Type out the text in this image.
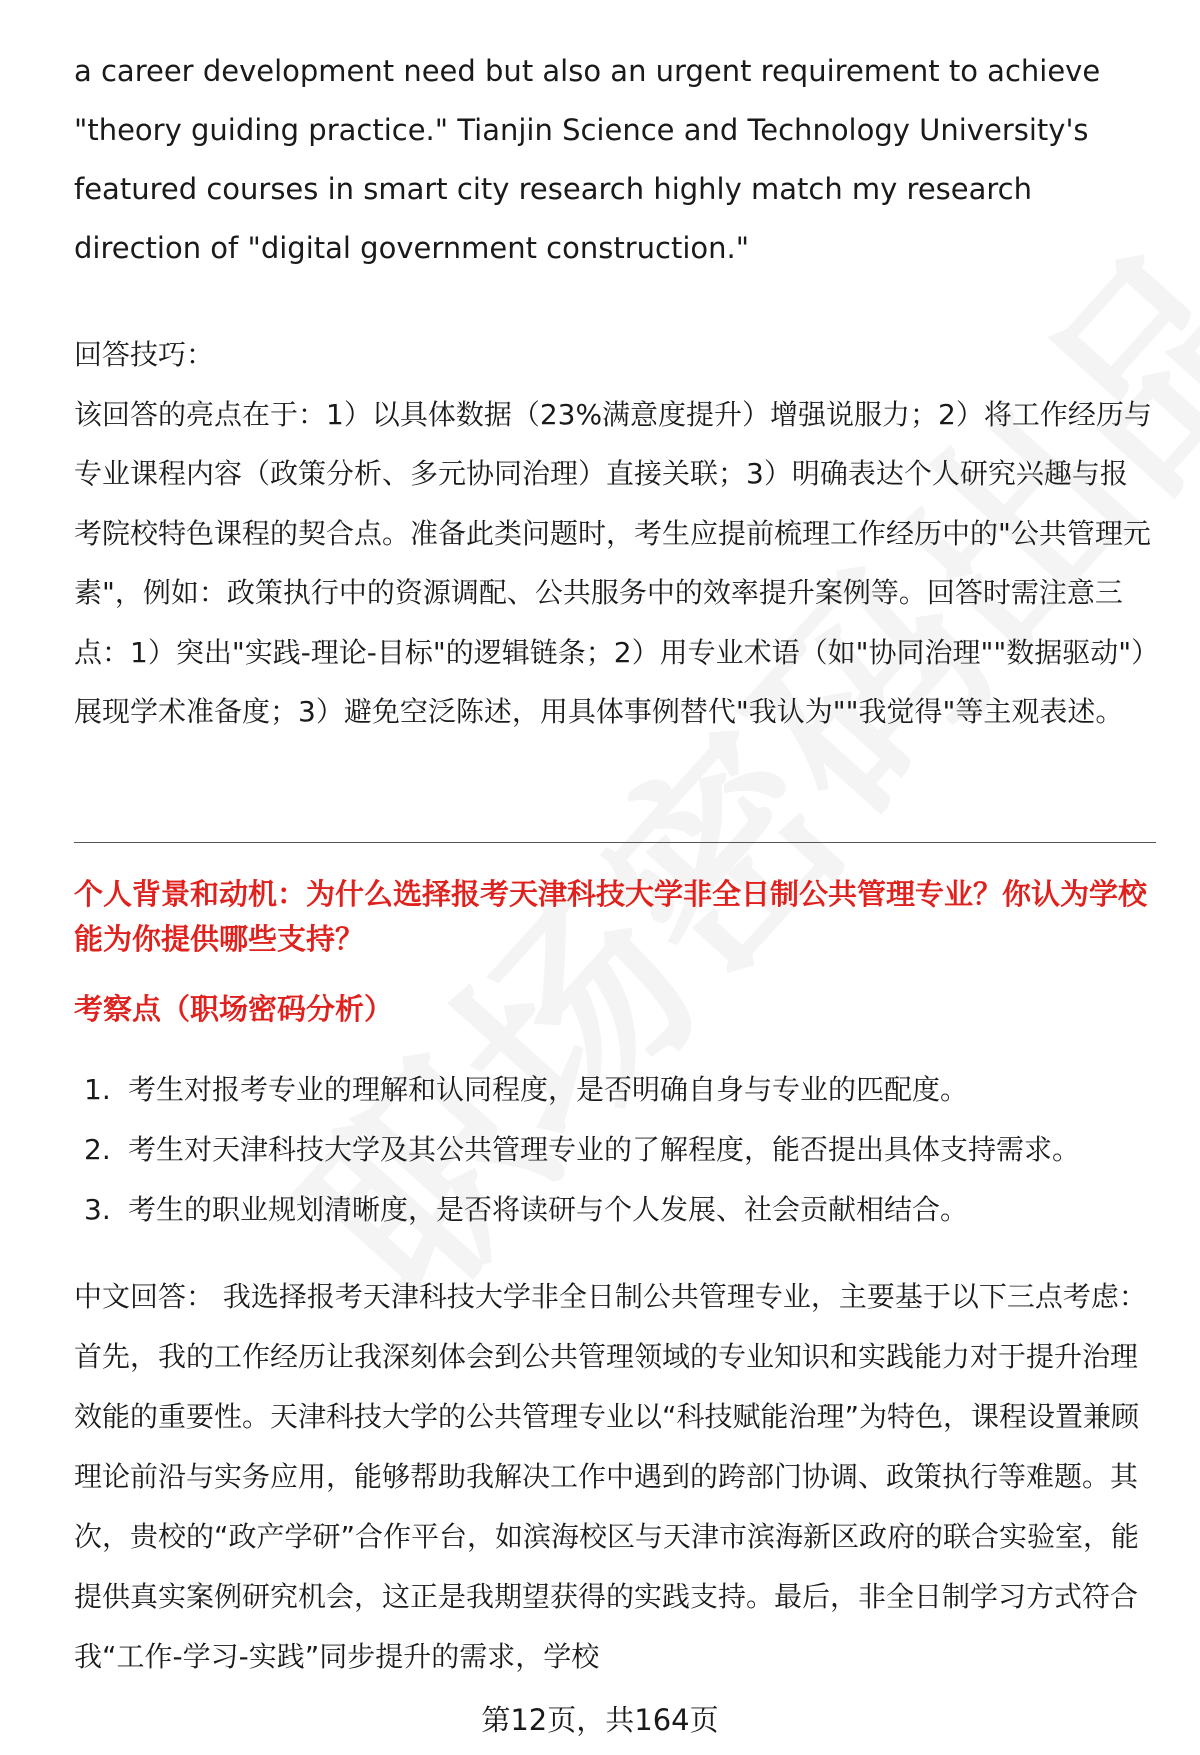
a career development need but also an urgent requirement to achieve "theory guiding practice." Tianjin Science and Technology University's featured courses in smart city research highly match my research direction of "digital government construction."

回答技巧：
该回答的亮点在于：1）以具体数据（23%满意度提升）增强说服力；2）将工作经历与专业课程内容（政策分析、多元协同治理）直接关联；3）明确表达个人研究兴趣与报考院校特色课程的契合点。准备此类问题时，考生应提前梳理工作经历中的"公共管理元素"，例如：政策执行中的资源调配、公共服务中的效率提升案例等。回答时需注意三点：1）突出"实践-理论-目标"的逻辑链条；2）用专业术语（如"协同治理""数据驱动"）展现学术准备度；3）避免空泛陈述，用具体事例替代"我认为""我觉得"等主观表述。

个人背景和动机：为什么选择报考天津科技大学非全日制公共管理专业？你认为学校能为你提供哪些支持？

考察点（职场密码分析）

1. 考生对报考专业的理解和认同程度，是否明确自身与专业的匹配度。
2. 考生对天津科技大学及其公共管理专业的了解程度，能否提出具体支持需求。
3. 考生的职业规划清晰度，是否将读研与个人发展、社会贡献相结合。

中文回答： 我选择报考天津科技大学非全日制公共管理专业，主要基于以下三点考虑：首先，我的工作经历让我深刻体会到公共管理领域的专业知识和实践能力对于提升治理效能的重要性。天津科技大学的公共管理专业以“科技赋能治理”为特色，课程设置兼顾理论前沿与实务应用，能够帮助我解决工作中遇到的跨部门协调、政策执行等难题。其次，贵校的“政产学研”合作平台，如滨海校区与天津市滨海新区政府的联合实验室，能提供真实案例研究机会，这正是我期望获得的实践支持。最后，非全日制学习方式符合我“工作-学习-实践”同步提升的需求，学校

第12页，共164页
